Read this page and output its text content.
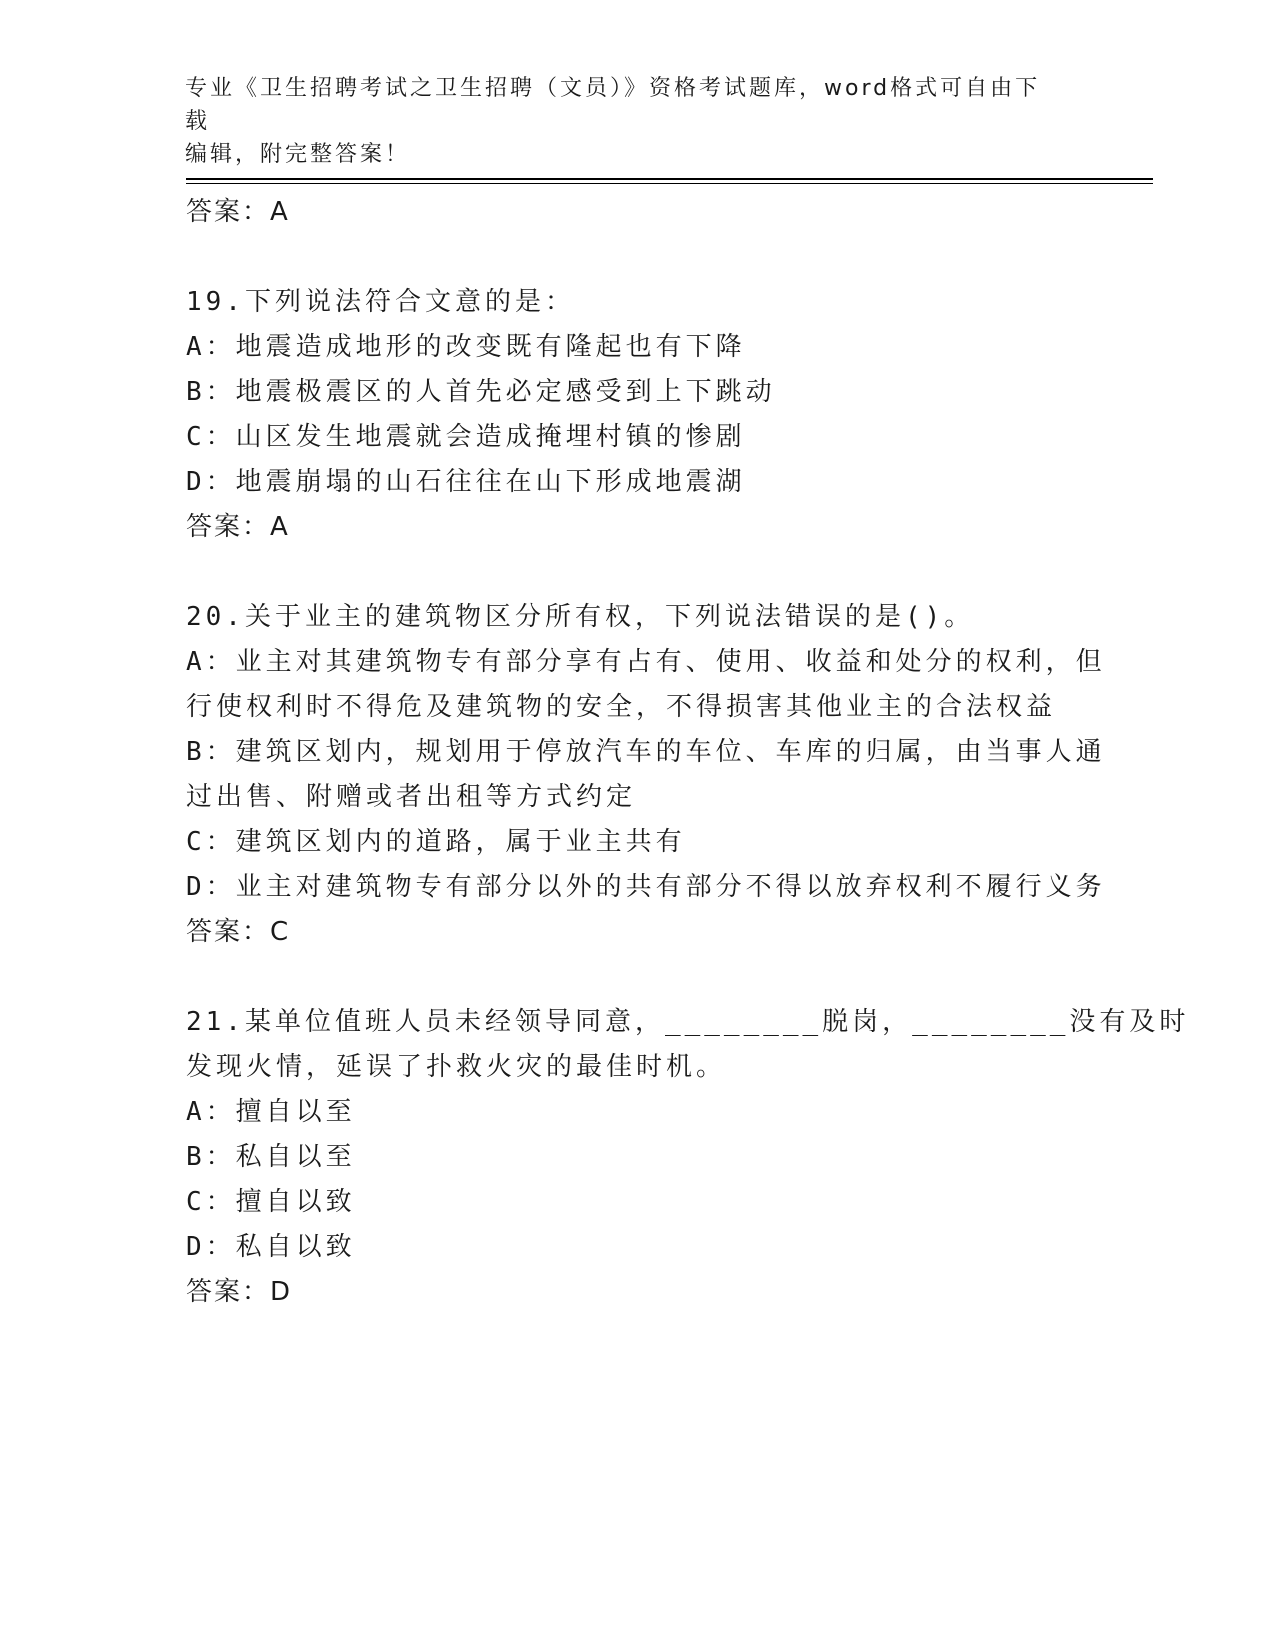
专业《卫生招聘考试之卫生招聘（文员）》资格考试题库，word格式可自由下载
编辑，附完整答案！
答案：A
19.下列说法符合文意的是：
A：地震造成地形的改变既有隆起也有下降
B：地震极震区的人首先必定感受到上下跳动
C：山区发生地震就会造成掩埋村镇的惨剧
D：地震崩塌的山石往往在山下形成地震湖
答案：A
20.关于业主的建筑物区分所有权，下列说法错误的是()。
A：业主对其建筑物专有部分享有占有、使用、收益和处分的权利，但
行使权利时不得危及建筑物的安全，不得损害其他业主的合法权益
B：建筑区划内，规划用于停放汽车的车位、车库的归属，由当事人通
过出售、附赠或者出租等方式约定
C：建筑区划内的道路，属于业主共有
D：业主对建筑物专有部分以外的共有部分不得以放弃权利不履行义务
答案：C
21.某单位值班人员未经领导同意，________脱岗，________没有及时
发现火情，延误了扑救火灾的最佳时机。
A：擅自以至
B：私自以至
C：擅自以致
D：私自以致
答案：D
